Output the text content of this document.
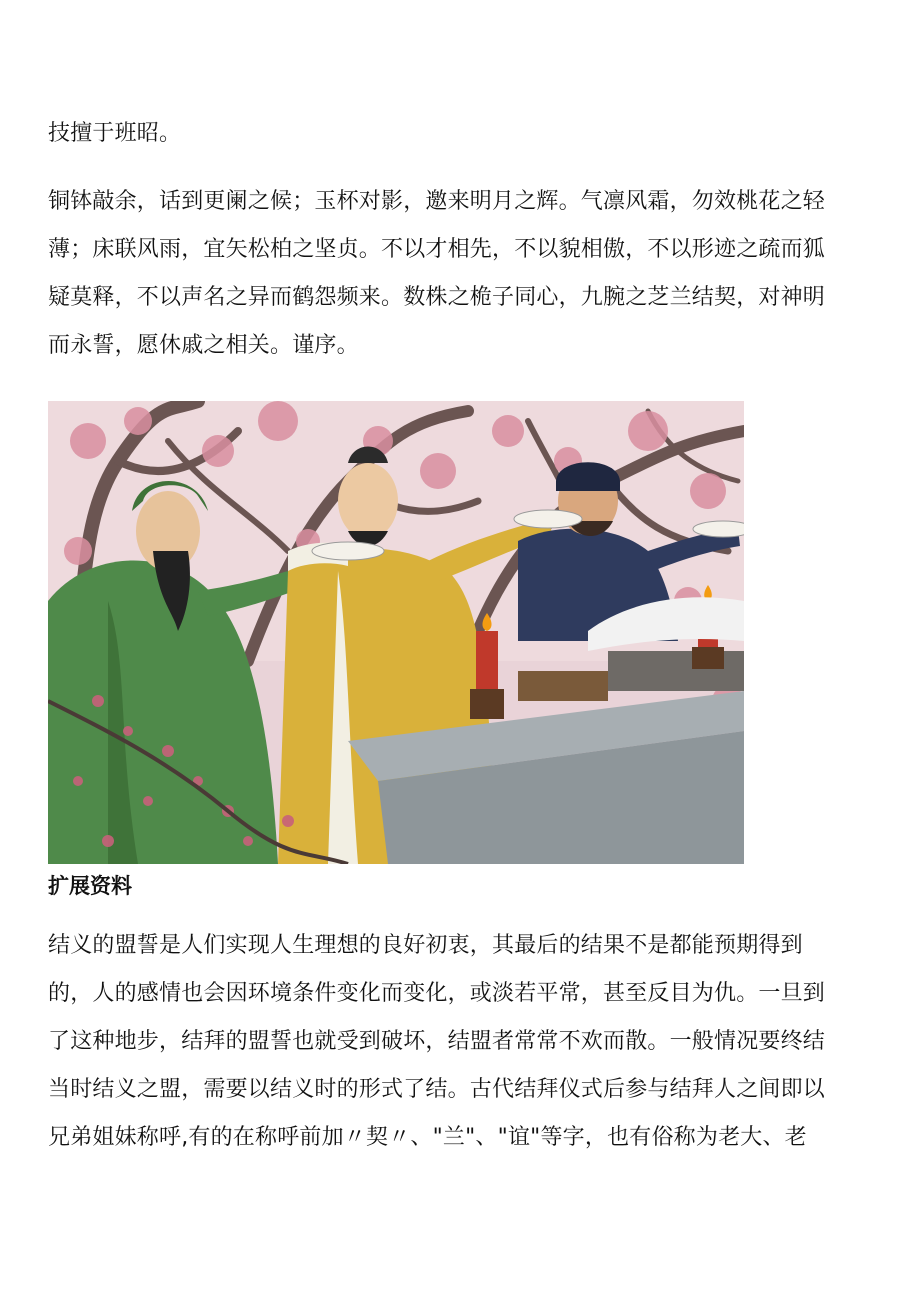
技擅于班昭。

铜钵敲余，话到更阑之候；玉杯对影，邀来明月之辉。气凛风霜，勿效桃花之轻
薄；床联风雨，宜矢松柏之坚贞。不以才相先，不以貌相傲，不以形迹之疏而狐
疑莫释，不以声名之异而鹤怨频来。数株之桅子同心，九腕之芝兰结契，对神明
而永誓，愿休戚之相关。谨序。

扩展资料

结义的盟誓是人们实现人生理想的良好初衷，其最后的结果不是都能预期得到
的，人的感情也会因环境条件变化而变化，或淡若平常，甚至反目为仇。一旦到
了这种地步，结拜的盟誓也就受到破坏，结盟者常常不欢而散。一般情况要终结
当时结义之盟，需要以结义时的形式了结。古代结拜仪式后参与结拜人之间即以
兄弟姐妹称呼,有的在称呼前加〃契〃、"兰"、"谊"等字，也有俗称为老大、老
